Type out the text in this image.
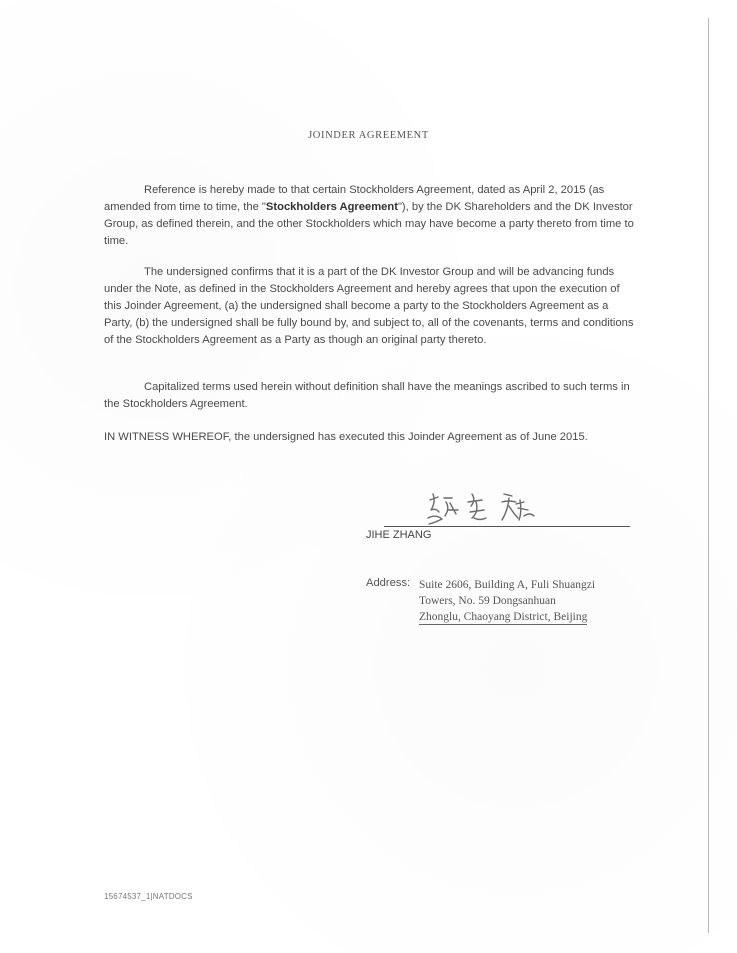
JOINDER AGREEMENT

Reference is hereby made to that certain Stockholders Agreement, dated as April 2, 2015 (as amended from time to time, the "Stockholders Agreement"), by the DK Shareholders and the DK Investor Group, as defined therein, and the other Stockholders which may have become a party thereto from time to time.

The undersigned confirms that it is a part of the DK Investor Group and will be advancing funds under the Note, as defined in the Stockholders Agreement and hereby agrees that upon the execution of this Joinder Agreement, (a) the undersigned shall become a party to the Stockholders Agreement as a Party, (b) the undersigned shall be fully bound by, and subject to, all of the covenants, terms and conditions of the Stockholders Agreement as a Party as though an original party thereto.

Capitalized terms used herein without definition shall have the meanings ascribed to such terms in the Stockholders Agreement.

IN WITNESS WHEREOF, the undersigned has executed this Joinder Agreement as of June 2015.

JIHE ZHANG
Address: Suite 2606, Building A, Fuli Shuangzi
Towers, No. 59 Dongsanhuan
Zhonglu, Chaoyang District, Beijing
15674537_1|NATDOCS
